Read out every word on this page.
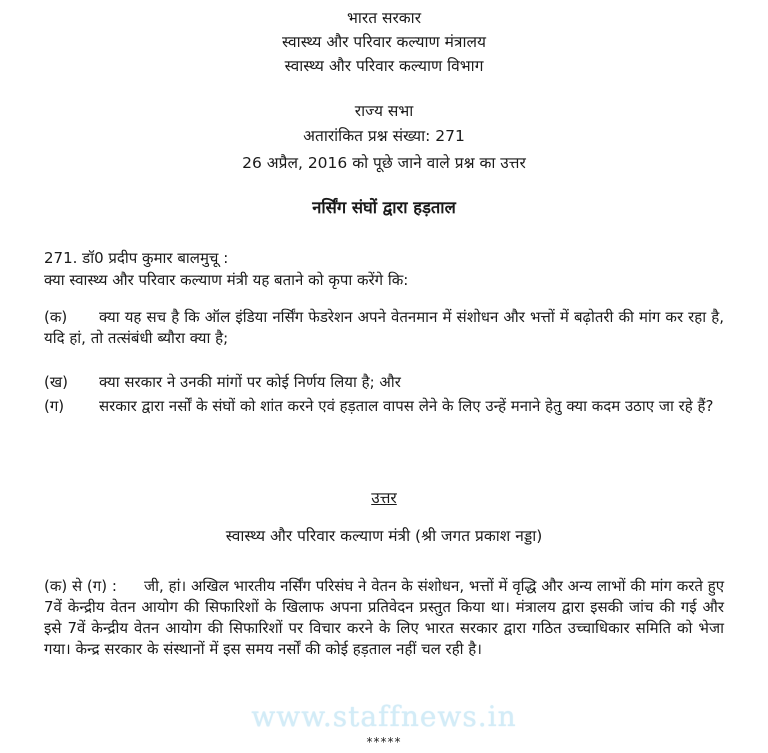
भारत सरकार
स्वास्थ्य और परिवार कल्याण मंत्रालय
स्वास्थ्य और परिवार कल्याण विभाग
राज्य सभा
अतारांकित प्रश्न संख्या: 271
26 अप्रैल, 2016 को पूछे जाने वाले प्रश्न का उत्तर
नर्सिंग संघों द्वारा हड़ताल
271. डॉ0 प्रदीप कुमार बालमुचू :
क्या स्वास्थ्य और परिवार कल्याण मंत्री यह बताने को कृपा करेंगे कि:
(क)	क्या यह सच है कि ऑल इंडिया नर्सिंग फेडरेशन अपने वेतनमान में संशोधन और भत्तों में बढ़ोतरी की मांग कर रहा है, यदि हां, तो तत्संबंधी ब्यौरा क्या है;
(ख) क्या सरकार ने उनकी मांगों पर कोई निर्णय लिया है; और
(ग)	सरकार द्वारा नर्सों के संघों को शांत करने एवं हड़ताल वापस लेने के लिए उन्हें मनाने हेतु क्या कदम उठाए जा रहे हैं?
उत्तर
स्वास्थ्य और परिवार कल्याण मंत्री (श्री जगत प्रकाश नड्डा)
(क) से (ग) :	जी, हां। अखिल भारतीय नर्सिंग परिसंघ ने वेतन के संशोधन, भत्तों में वृद्धि और अन्य लाभों की मांग करते हुए 7वें केन्द्रीय वेतन आयोग की सिफारिशों के खिलाफ अपना प्रतिवेदन प्रस्तुत किया था। मंत्रालय द्वारा इसकी जांच की गई और इसे 7वें केन्द्रीय वेतन आयोग की सिफारिशों पर विचार करने के लिए भारत सरकार द्वारा गठित उच्चाधिकार समिति को भेजा गया। केन्द्र सरकार के संस्थानों में इस समय नर्सों की कोई हड़ताल नहीं चल रही है।
www.staffnews.in
*****
